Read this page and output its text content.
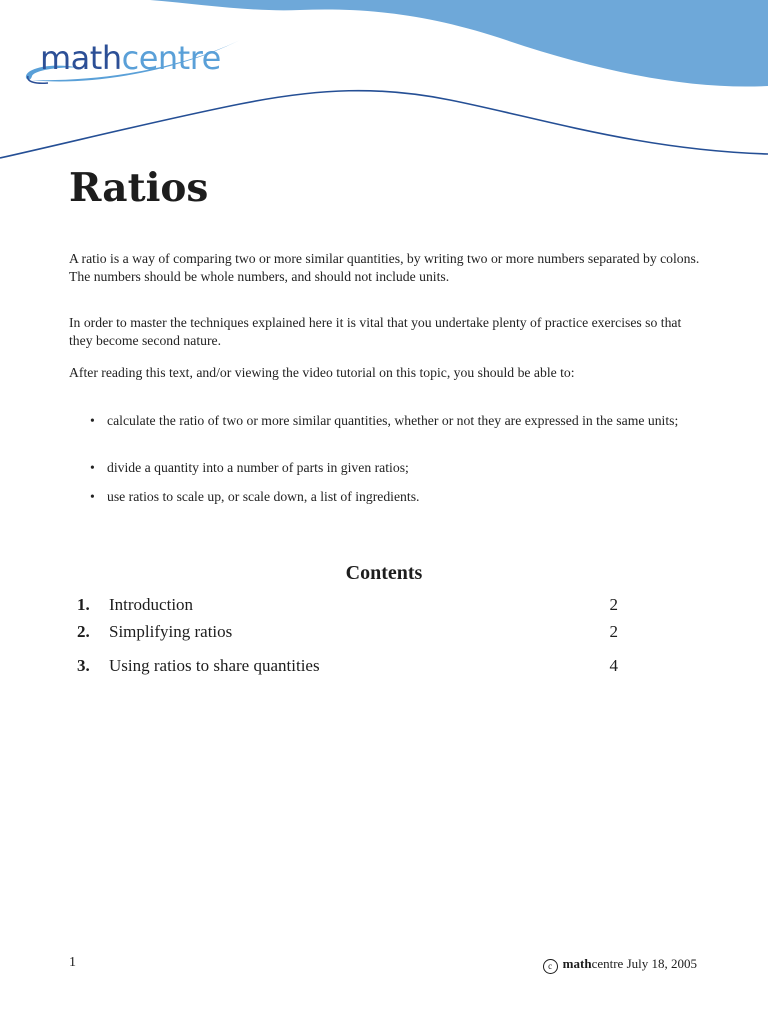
mathcentre
Ratios

A ratio is a way of comparing two or more similar quantities, by writing two or more numbers separated by colons. The numbers should be whole numbers, and should not include units.

In order to master the techniques explained here it is vital that you undertake plenty of practice exercises so that they become second nature.

After reading this text, and/or viewing the video tutorial on this topic, you should be able to:

• calculate the ratio of two or more similar quantities, whether or not they are expressed in the same units;
• divide a quantity into a number of parts in given ratios;
• use ratios to scale up, or scale down, a list of ingredients.
Contents
1. Introduction	2
2. Simplifying ratios	2
3. Using ratios to share quantities	4
1	c mathcentre July 18, 2005
